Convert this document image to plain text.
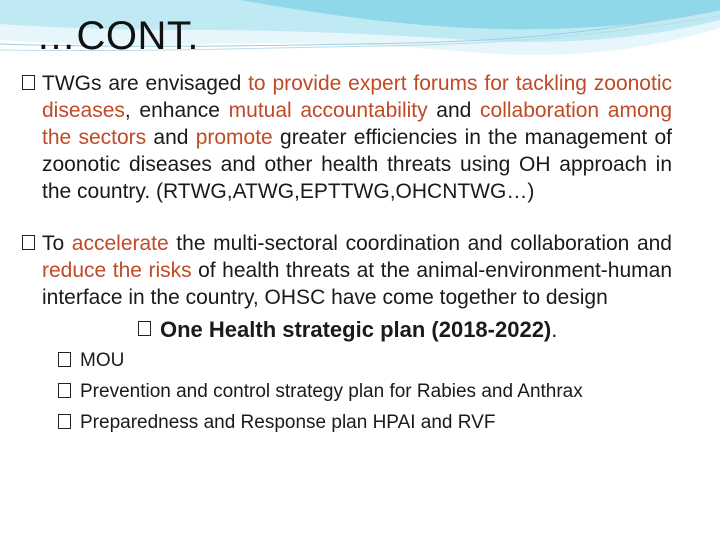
…CONT.
TWGs are envisaged to provide expert forums for tackling zoonotic diseases, enhance mutual accountability and collaboration among the sectors and promote greater efficiencies in the management of zoonotic diseases and other health threats using OH approach in the country. (RTWG,ATWG,EPTTWG,OHCNTWG…)
To accelerate the multi-sectoral coordination and collaboration and reduce the risks of health threats at the animal-environment-human interface in the country, OHSC have come together to design
One Health strategic plan (2018-2022).
MOU
Prevention and control strategy plan for Rabies and Anthrax
Preparedness and Response plan HPAI and RVF
